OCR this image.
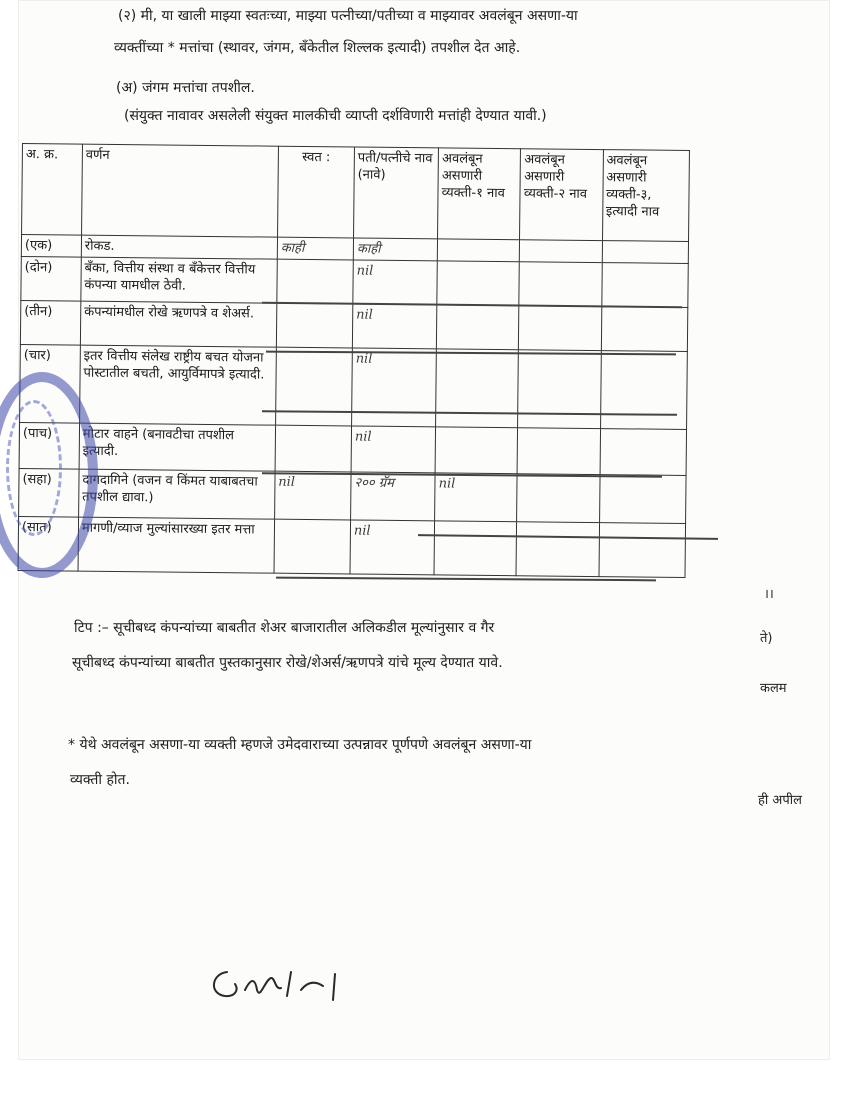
(२) मी, या खाली माझ्या स्वतःच्या, माझ्या पत्नीच्या/पतीच्या व माझ्यावर अवलंबून असणा-या
व्यक्तींच्या * मत्तांचा (स्थावर, जंगम, बँकेतील शिल्लक इत्यादी) तपशील देत आहे.
(अ) जंगम मत्तांचा तपशील.
(संयुक्त नावावर असलेली संयुक्त मालकीची व्याप्ती दर्शविणारी मत्तांही देण्यात यावी.)
अ. क्र.	वर्णन	स्वत :	पती/पत्नीचे नाव (नावे)	अवलंबून असणारी व्यक्ती-१ नाव	अवलंबून असणारी व्यक्ती-२ नाव	अवलंबून असणारी व्यक्ती-३, इत्यादी नाव
(एक)	रोकड.	काही	काही			
(दोन)	बँका, वित्तीय संस्था व बँकेत्तर वित्तीय कंपन्या यामधील ठेवी.		nil			
(तीन)	कंपन्यांमधील रोखे ऋणपत्रे व शेअर्स.		nil			
(चार)	इतर वित्तीय संलेख राष्ट्रीय बचत योजना पोस्टातील बचती, आयुर्विमापत्रे इत्यादी.		nil			
(पाच)	मोटार वाहने (बनावटीचा तपशील इत्यादी.		nil			
(सहा)	दागदागिने (वजन व किंमत याबाबतचा तपशील द्यावा.)	nil	२०० ग्रॅम	nil		
(सात)	मागणी/व्याज मुल्यांसारख्या इतर मत्ता		nil			
टिप :– सूचीबध्द कंपन्यांच्या बाबतीत शेअर बाजारातील अलिकडील मूल्यांनुसार व गैर
सूचीबध्द कंपन्यांच्या बाबतीत पुस्तकानुसार रोखे/शेअर्स/ऋणपत्रे यांचे मूल्य देण्यात यावे.
* येथे अवलंबून असणा-या व्यक्ती म्हणजे उमेदवाराच्या उत्पन्नावर पूर्णपणे अवलंबून असणा-या
व्यक्ती होत.
।।
ते)
कलम
ही अपील
